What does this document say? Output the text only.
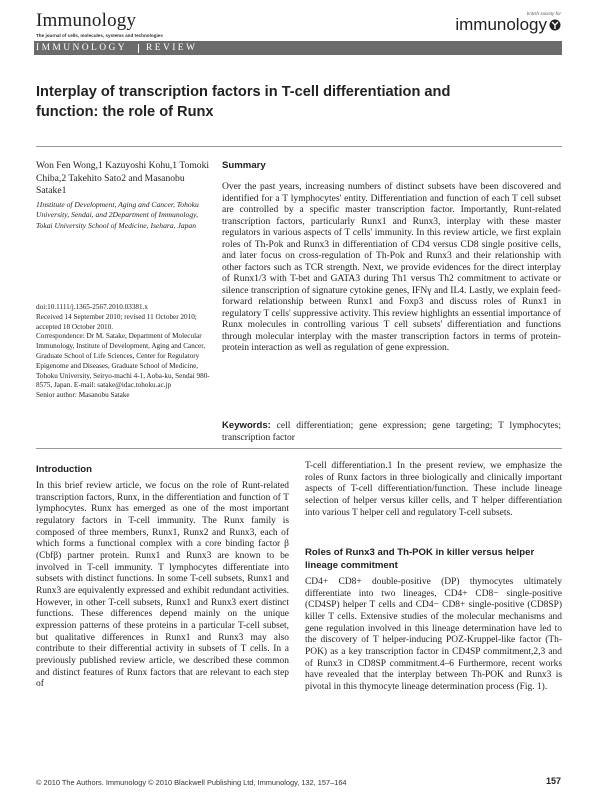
Immunology
The journal of cells, molecules, systems and technologies
british society for
immunology
IMMUNOLOGY REVIEW
Interplay of transcription factors in T-cell differentiation and function: the role of Runx
Won Fen Wong,1 Kazuyoshi Kohu,1 Tomoki Chiba,2 Takehito Sato2 and Masanobu Satake1

1Institute of Development, Aging and Cancer, Tohoku University, Sendai, and 2Department of Immunology, Tokai University School of Medicine, Isehara, Japan

doi:10.1111/j.1365-2567.2010.03381.x

Received 14 September 2010; revised 11 October 2010; accepted 18 October 2010.

Correspondence: Dr M. Satake, Department of Molecular Immunology, Institute of Development, Aging and Cancer, Graduate School of Life Sciences, Center for Regulatory Epigenome and Diseases, Graduate School of Medicine, Tohoku University, Seiryo-machi 4-1, Aoba-ku, Sendai 980-8575, Japan. E-mail: satake@idac.tohoku.ac.jp

Senior author: Masanobu Satake

Summary
Over the past years, increasing numbers of distinct subsets have been discovered and identified for a T lymphocytes' entity. Differentiation and function of each T cell subset are controlled by a specific master transcription factor. Importantly, Runt-related transcription factors, particularly Runx1 and Runx3, interplay with these master regulators in various aspects of T cells' immunity. In this review article, we first explain roles of Th-Pok and Runx3 in differentiation of CD4 versus CD8 single positive cells, and later focus on cross-regulation of Th-Pok and Runx3 and their relationship with other factors such as TCR strength. Next, we provide evidences for the direct interplay of Runx1/3 with T-bet and GATA3 during Th1 versus Th2 commitment to activate or silence transcription of signature cytokine genes, IFNγ and IL4. Lastly, we explain feed-forward relationship between Runx1 and Foxp3 and discuss roles of Runx1 in regulatory T cells' suppressive activity. This review highlights an essential importance of Runx molecules in controlling various T cell subsets' differentiation and functions through molecular interplay with the master transcription factors in terms of protein-protein interaction as well as regulation of gene expression.
Keywords: cell differentiation; gene expression; gene targeting; T lymphocytes; transcription factor
Introduction
In this brief review article, we focus on the role of Runt-related transcription factors, Runx, in the differentiation and function of T lymphocytes. Runx has emerged as one of the most important regulatory factors in T-cell immunity. The Runx family is composed of three members, Runx1, Runx2 and Runx3, each of which forms a functional complex with a core binding factor β (Cbfβ) partner protein. Runx1 and Runx3 are known to be involved in T-cell immunity. T lymphocytes differentiate into subsets with distinct functions. In some T-cell subsets, Runx1 and Runx3 are equivalently expressed and exhibit redundant activities. However, in other T-cell subsets, Runx1 and Runx3 exert distinct functions. These differences depend mainly on the unique expression patterns of these proteins in a particular T-cell subset, but qualitative differences in Runx1 and Runx3 may also contribute to their differential activity in subsets of T cells. In a previously published review article, we described these common and distinct features of Runx factors that are relevant to each step of
T-cell differentiation.1 In the present review, we emphasize the roles of Runx factors in three biologically and clinically important aspects of T-cell differentiation/function. These include lineage selection of helper versus killer cells, and T helper differentiation into various T helper cell and regulatory T-cell subsets.
Roles of Runx3 and Th-POK in killer versus helper lineage commitment
CD4+ CD8+ double-positive (DP) thymocytes ultimately differentiate into two lineages, CD4+ CD8− single-positive (CD4SP) helper T cells and CD4− CD8+ single-positive (CD8SP) killer T cells. Extensive studies of the molecular mechanisms and gene regulation involved in this lineage determination have led to the discovery of T helper-inducing POZ-Kruppel-like factor (Th-POK) as a key transcription factor in CD4SP commitment,2,3 and of Runx3 in CD8SP commitment.4–6 Furthermore, recent works have revealed that the interplay between Th-POK and Runx3 is pivotal in this thymocyte lineage determination process (Fig. 1).
© 2010 The Authors. Immunology © 2010 Blackwell Publishing Ltd, Immunology, 132, 157–164	157
